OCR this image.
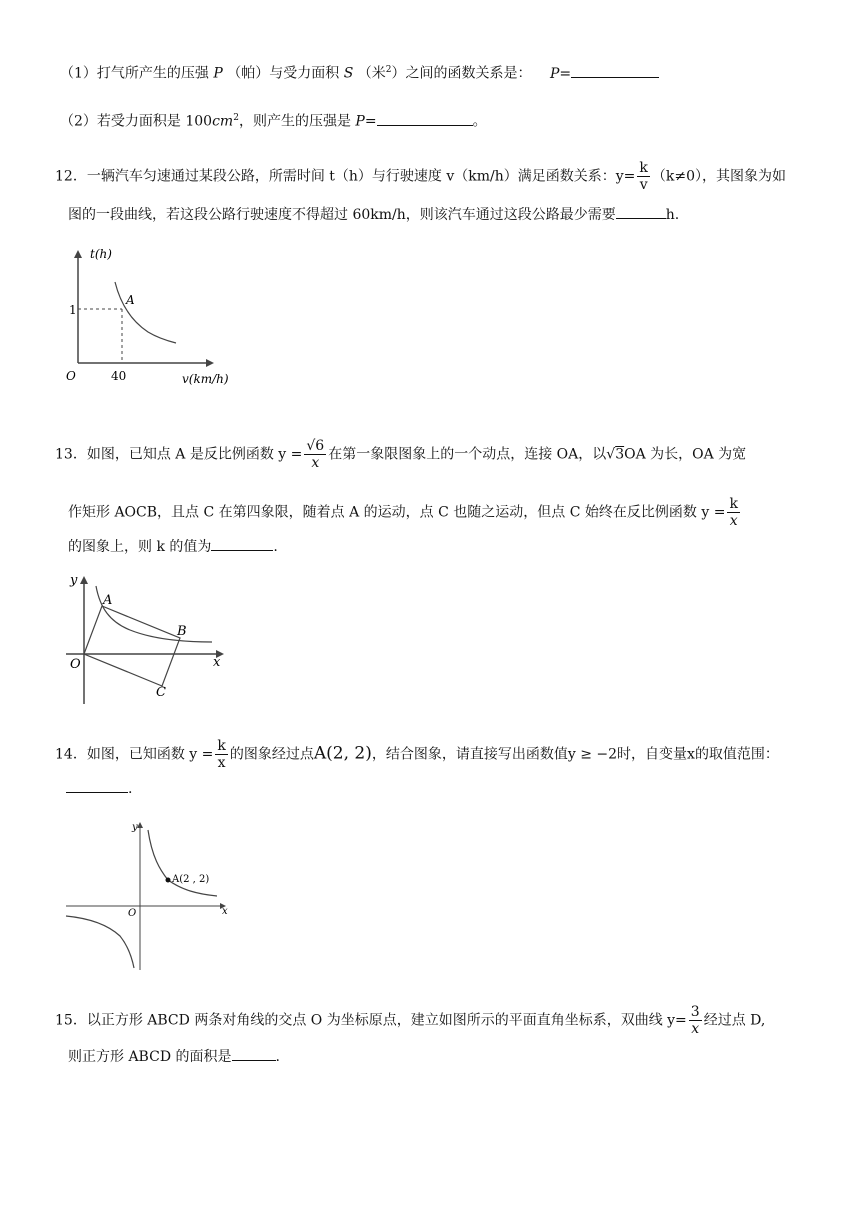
（1）打气所产生的压强 P （帕）与受力面积 S （米$^2$）之间的函数关系是： P=
（2）若受力面积是 $100cm^2$，则产生的压强是 P=	。
12．一辆汽车匀速通过某段公路，所需时间 t（h）与行驶速度 v（km/h）满足函数关系：$y= \frac{k}{v} (k\ne 0)$，其图象为如
图的一段曲线，若这段公路行驶速度不得超过 60km/h，则该汽车通过这段公路最少需要	h.
t(h)
v(km/h)
O
1
40
A
13．如图，已知点 A 是反比例函数 $y = \frac{√6}{x}$ 在第一象限图象上的一个动点，连接 OA，以√3OA 为长，OA 为宽
作矩形 AOCB，且点 C 在第四象限，随着点 A 的运动，点 C 也随之运动，但点 C 始终在反比例函数 $y = \frac{k}{x}$
的图象上，则 k 的值为	.
y
x
O
A
B
C
14．如图，已知函数 $y = \frac{k}{x}$ 的图象经过点A(2, 2)，结合图象，请直接写出函数值y ≥ −2时，自变量x的取值范围：
.
y
x
O
A(2 , 2)
15．以正方形 ABCD 两条对角线的交点 O 为坐标原点，建立如图所示的平面直角坐标系，双曲线 $y= \frac{3}{x}$ 经过点 D,
则正方形 ABCD 的面积是	.
